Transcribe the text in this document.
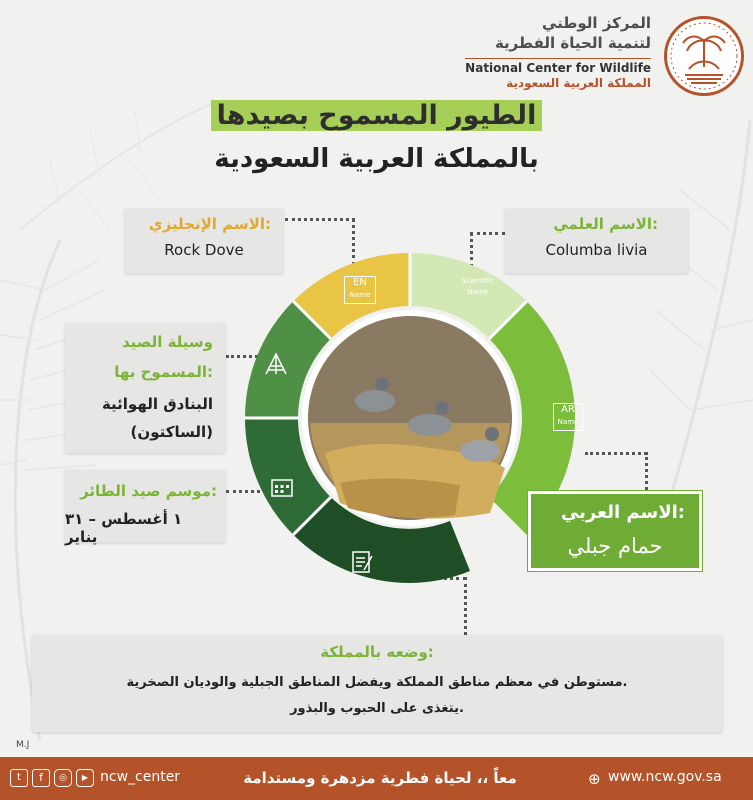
المركز الوطني
لتنمية الحياة الفطرية
National Center for Wildlife
المملكة العربية السعودية
الطيور المسموح بصيدها
بالمملكة العربية السعودية
EN
Name
Scientific
Name
AR
Name
الاسم الإنجليزي:
Rock Dove
الاسم العلمي:
Columba livia
وسيلة الصيد
المسموح بها:
البنادق الهوائية
(الساكتون)
موسم صيد الطائر:
١ أغسطس – ٣١ يناير
الاسم العربي:
حمام جبلي
وضعه بالمملكة:
مستوطن في معظم مناطق المملكة ويفضل المناطق الجبلية والوديان الصخرية.
يتغذى على الحبوب والبذور.
M.J
t	f	◎	▶ ncw_center	معاً ،، لحياة فطرية مزدهرة ومستدامة	⊕ www.ncw.gov.sa
